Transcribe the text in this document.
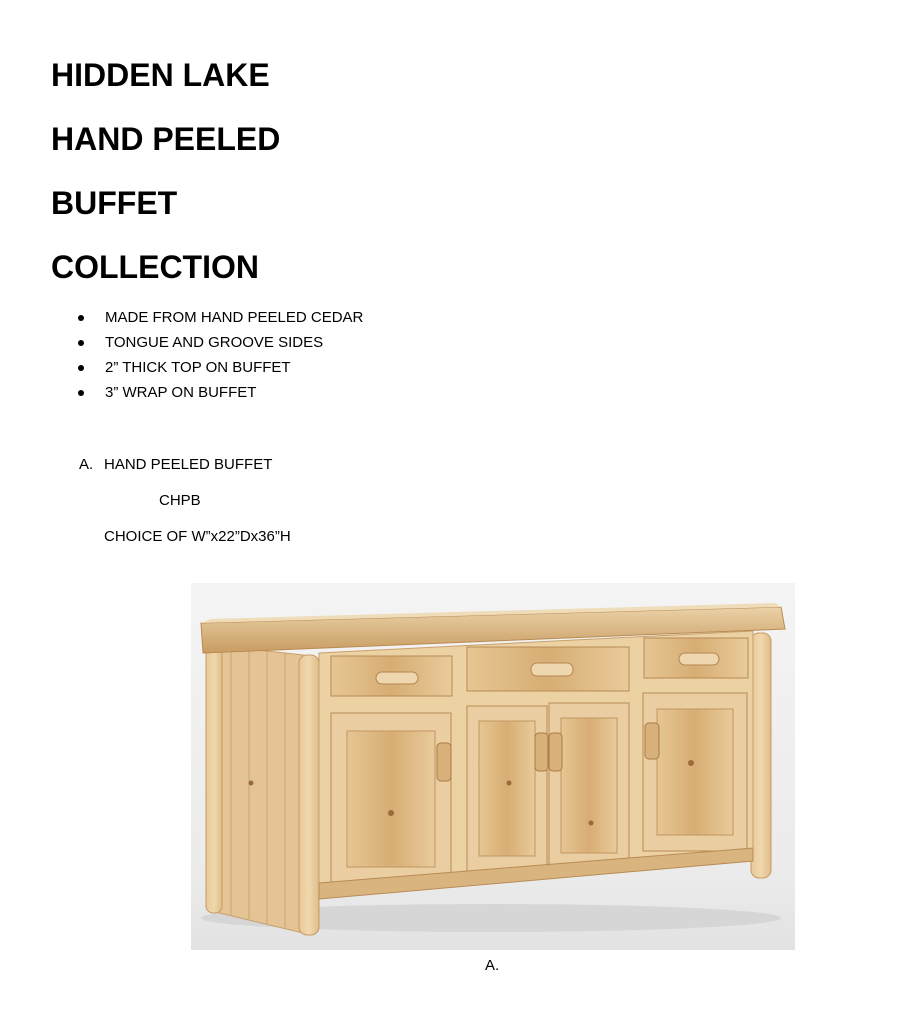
HIDDEN LAKE
HAND PEELED
BUFFET
COLLECTION
MADE FROM HAND PEELED CEDAR
TONGUE AND GROOVE SIDES
2” THICK TOP ON BUFFET
3” WRAP ON BUFFET
A. HAND PEELED BUFFET
CHPB
CHOICE OF W”x22”Dx36”H
A.
